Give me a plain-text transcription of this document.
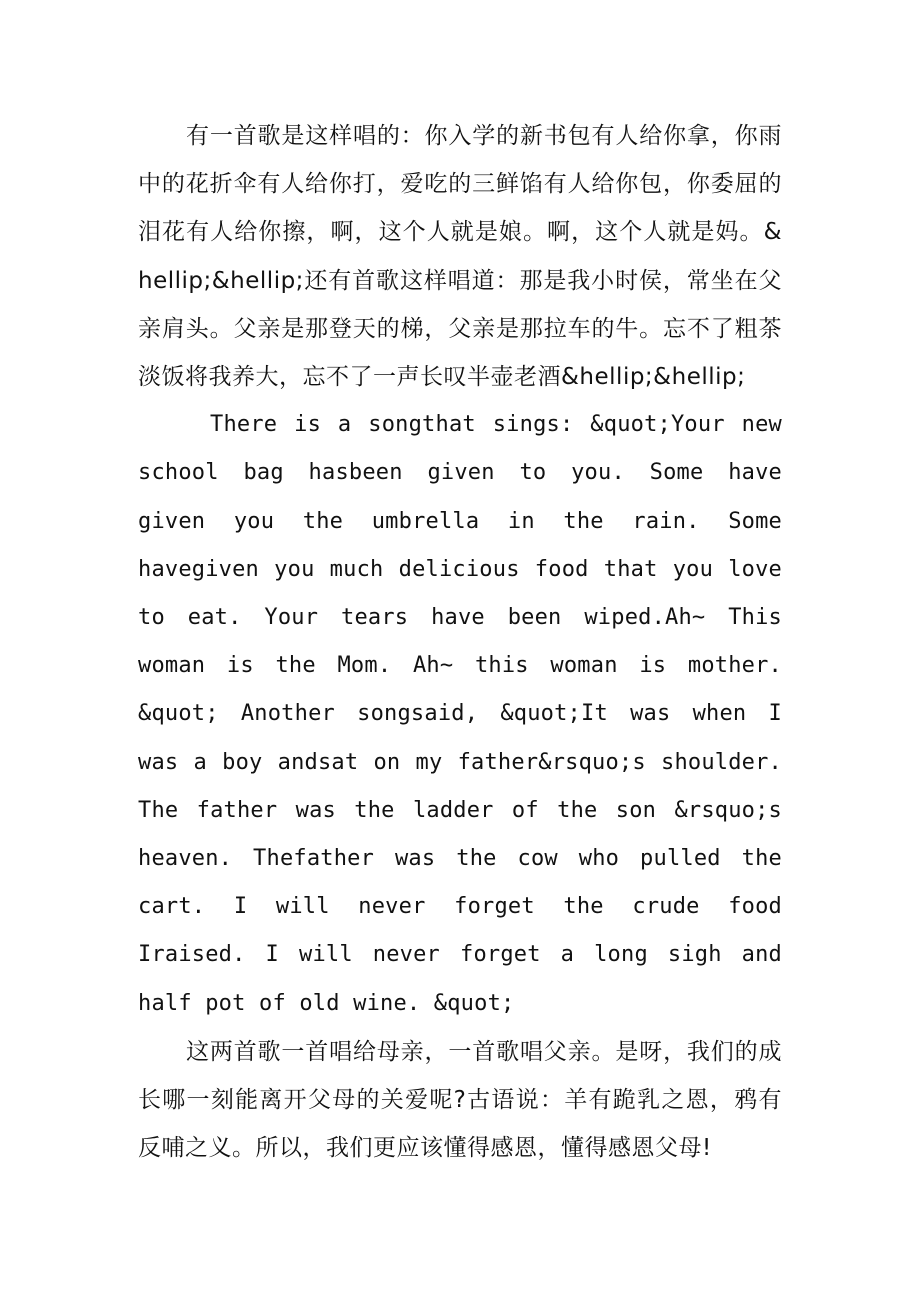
有一首歌是这样唱的：你入学的新书包有人给你拿，你雨中的花折伞有人给你打，爱吃的三鲜馅有人给你包，你委屈的泪花有人给你擦，啊，这个人就是娘。啊，这个人就是妈。&hellip;&hellip;还有首歌这样唱道：那是我小时侯，常坐在父亲肩头。父亲是那登天的梯，父亲是那拉车的牛。忘不了粗茶淡饭将我养大，忘不了一声长叹半壶老酒&hellip;&hellip;

There is a songthat sings: &quot;Your new school bag hasbeen given to you. Some have given you the umbrella in the rain. Some havegiven you much delicious food that you love to eat. Your tears have been wiped.Ah~ This woman is the Mom. Ah~ this woman is mother. &quot; Another songsaid, &quot;It was when I was a boy andsat on my father&rsquo;s shoulder. The father was the ladder of the son &rsquo;s heaven. Thefather was the cow who pulled the cart. I will never forget the crude food Iraised. I will never forget a long sigh and half pot of old wine. &quot;

这两首歌一首唱给母亲，一首歌唱父亲。是呀，我们的成长哪一刻能离开父母的关爱呢?古语说：羊有跪乳之恩，鸦有反哺之义。所以，我们更应该懂得感恩，懂得感恩父母!
